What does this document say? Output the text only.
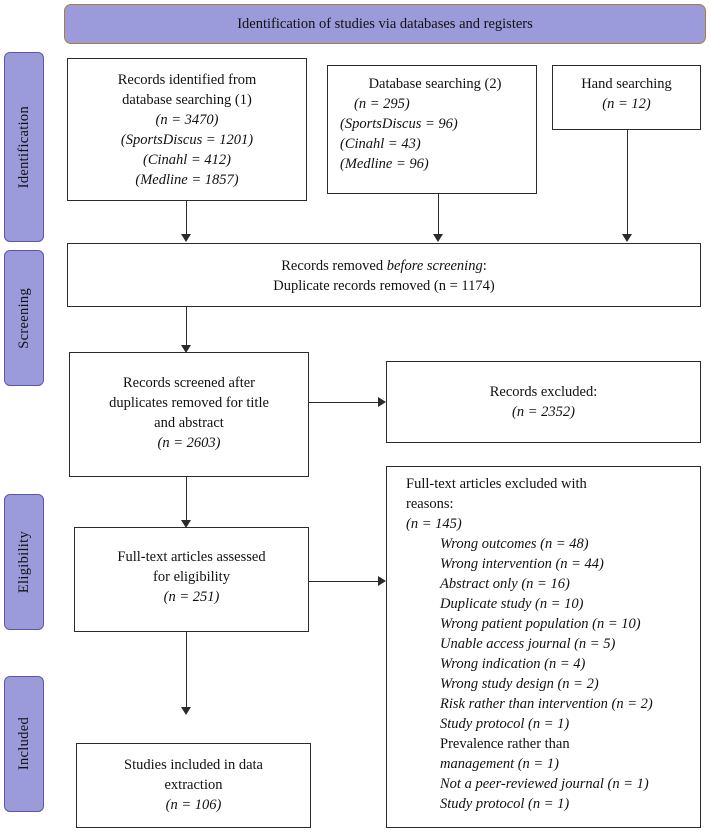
Identification of studies via databases and registers
Identification
Screening
Eligibility
Included
Records identified from
database searching (1)
(n = 3470)
(SportsDiscus = 1201)
(Cinahl = 412)
(Medline = 1857)
Database searching (2)
(n = 295)
(SportsDiscus = 96)
(Cinahl = 43)
(Medline = 96)
Hand searching
(n = 12)
Records removed before screening:
Duplicate records removed (n = 1174)
Records screened after
duplicates removed for title
and abstract
(n = 2603)
Records excluded:
(n = 2352)
Full-text articles assessed
for eligibility
(n = 251)
Full-text articles excluded with
reasons:
(n = 145)
Wrong outcomes (n = 48)
Wrong intervention (n = 44)
Abstract only (n = 16)
Duplicate study (n = 10)
Wrong patient population (n = 10)
Unable access journal (n = 5)
Wrong indication (n = 4)
Wrong study design (n = 2)
Risk rather than intervention (n = 2)
Study protocol (n = 1)
Prevalence rather than
management (n = 1)
Not a peer-reviewed journal (n = 1)
Study protocol (n = 1)
Studies included in data
extraction
(n = 106)
